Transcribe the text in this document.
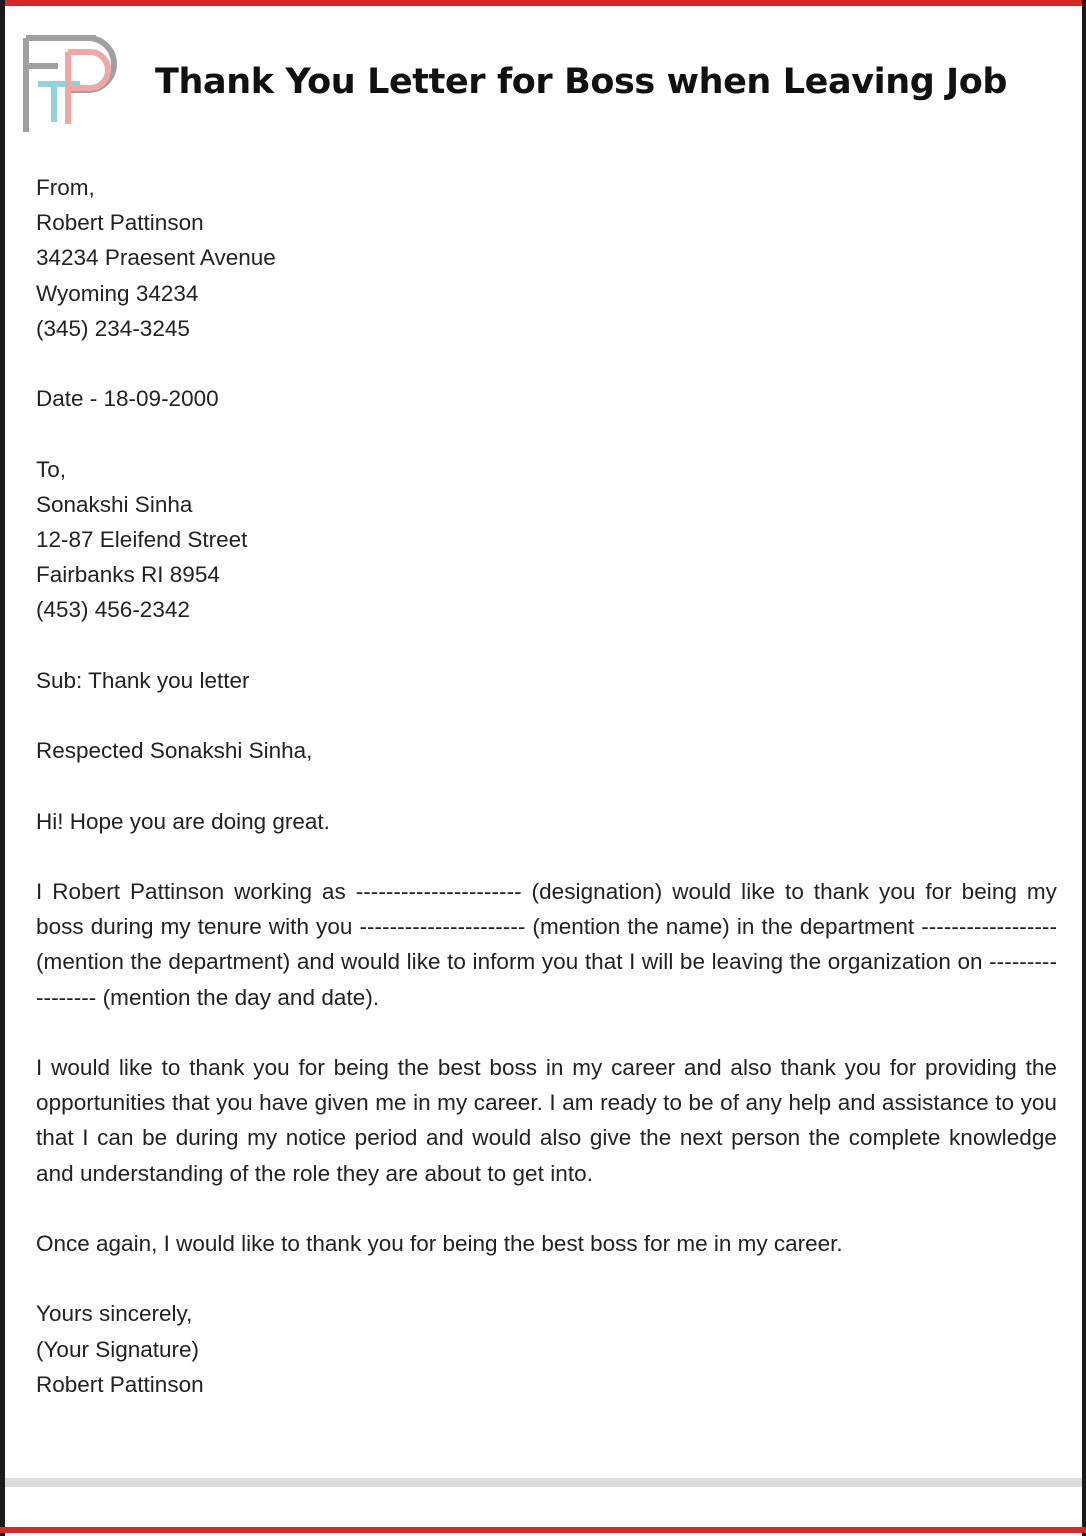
Thank You Letter for Boss when Leaving Job
From,
Robert Pattinson
34234 Praesent Avenue
Wyoming 34234
(345) 234-3245
Date - 18-09-2000
To,
Sonakshi Sinha
12-87 Eleifend Street
Fairbanks RI 8954
(453) 456-2342
Sub: Thank you letter
Respected Sonakshi Sinha,
Hi! Hope you are doing great.
I Robert Pattinson working as ---------------------- (designation) would like to thank you for being my boss during my tenure with you ---------------------- (mention the name) in the department ------------------ (mention the department) and would like to inform you that I will be leaving the organization on ----------------- (mention the day and date).
I would like to thank you for being the best boss in my career and also thank you for providing the opportunities that you have given me in my career. I am ready to be of any help and assistance to you that I can be during my notice period and would also give the next person the complete knowledge and understanding of the role they are about to get into.
Once again, I would like to thank you for being the best boss for me in my career.
Yours sincerely,
(Your Signature)
Robert Pattinson
